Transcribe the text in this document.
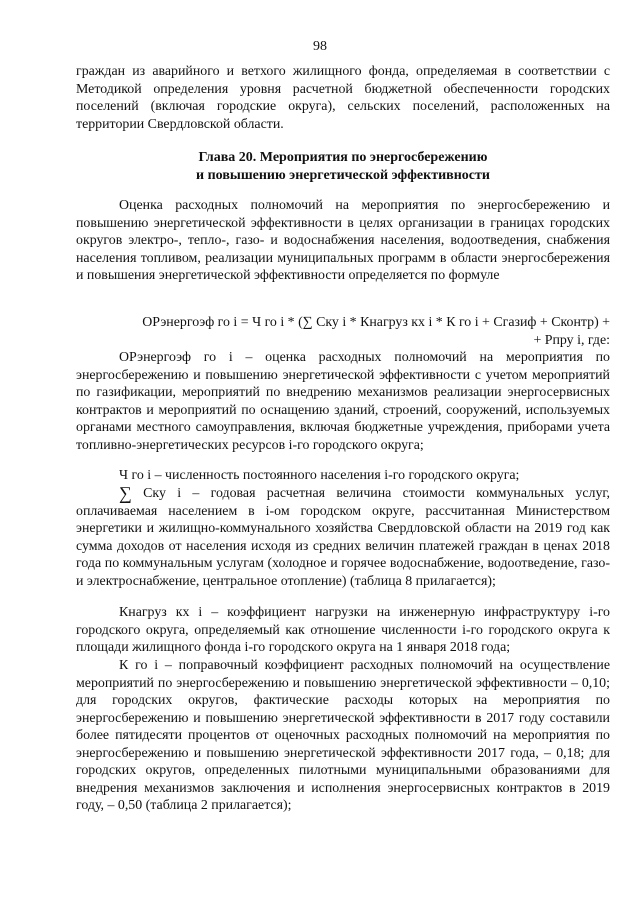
98

граждан из аварийного и ветхого жилищного фонда, определяемая в соответствии с Методикой определения уровня расчетной бюджетной обеспеченности городских поселений (включая городские округа), сельских поселений, расположенных на территории Свердловской области.

Глава 20. Мероприятия по энергосбережению
и повышению энергетической эффективности

Оценка расходных полномочий на мероприятия по энергосбережению и повышению энергетической эффективности в целях организации в границах городских округов электро-, тепло-, газо- и водоснабжения населения, водоотведения, снабжения населения топливом, реализации муниципальных программ в области энергосбережения и повышения энергетической эффективности определяется по формуле

ОРэнергоэф го i = Ч го i * (∑ Cку i * Кнагруз кх i * К го i + Сгазиф + Сконтр) +
+ Рпру i, где:

ОРэнергоэф го i – оценка расходных полномочий на мероприятия по энергосбережению и повышению энергетической эффективности с учетом мероприятий по газификации, мероприятий по внедрению механизмов реализации энергосервисных контрактов и мероприятий по оснащению зданий, строений, сооружений, используемых органами местного самоуправления, включая бюджетные учреждения, приборами учета топливно-энергетических ресурсов i-го городского округа;

Ч го i – численность постоянного населения i-го городского округа;

∑ Cку i – годовая расчетная величина стоимости коммунальных услуг, оплачиваемая населением в i-ом городском округе, рассчитанная Министерством энергетики и жилищно-коммунального хозяйства Свердловской области на 2019 год как сумма доходов от населения исходя из средних величин платежей граждан в ценах 2018 года по коммунальным услугам (холодное и горячее водоснабжение, водоотведение, газо- и электроснабжение, центральное отопление) (таблица 8 прилагается);

Кнагруз кх i – коэффициент нагрузки на инженерную инфраструктуру i-го городского округа, определяемый как отношение численности i-го городского округа к площади жилищного фонда i-го городского округа на 1 января 2018 года;

К го i – поправочный коэффициент расходных полномочий на осуществление мероприятий по энергосбережению и повышению энергетической эффективности – 0,10; для городских округов, фактические расходы которых на мероприятия по энергосбережению и повышению энергетической эффективности в 2017 году составили более пятидесяти процентов от оценочных расходных полномочий на мероприятия по энергосбережению и повышению энергетической эффективности 2017 года, – 0,18; для городских округов, определенных пилотными муниципальными образованиями для внедрения механизмов заключения и исполнения энергосервисных контрактов в 2019 году, – 0,50 (таблица 2 прилагается);
